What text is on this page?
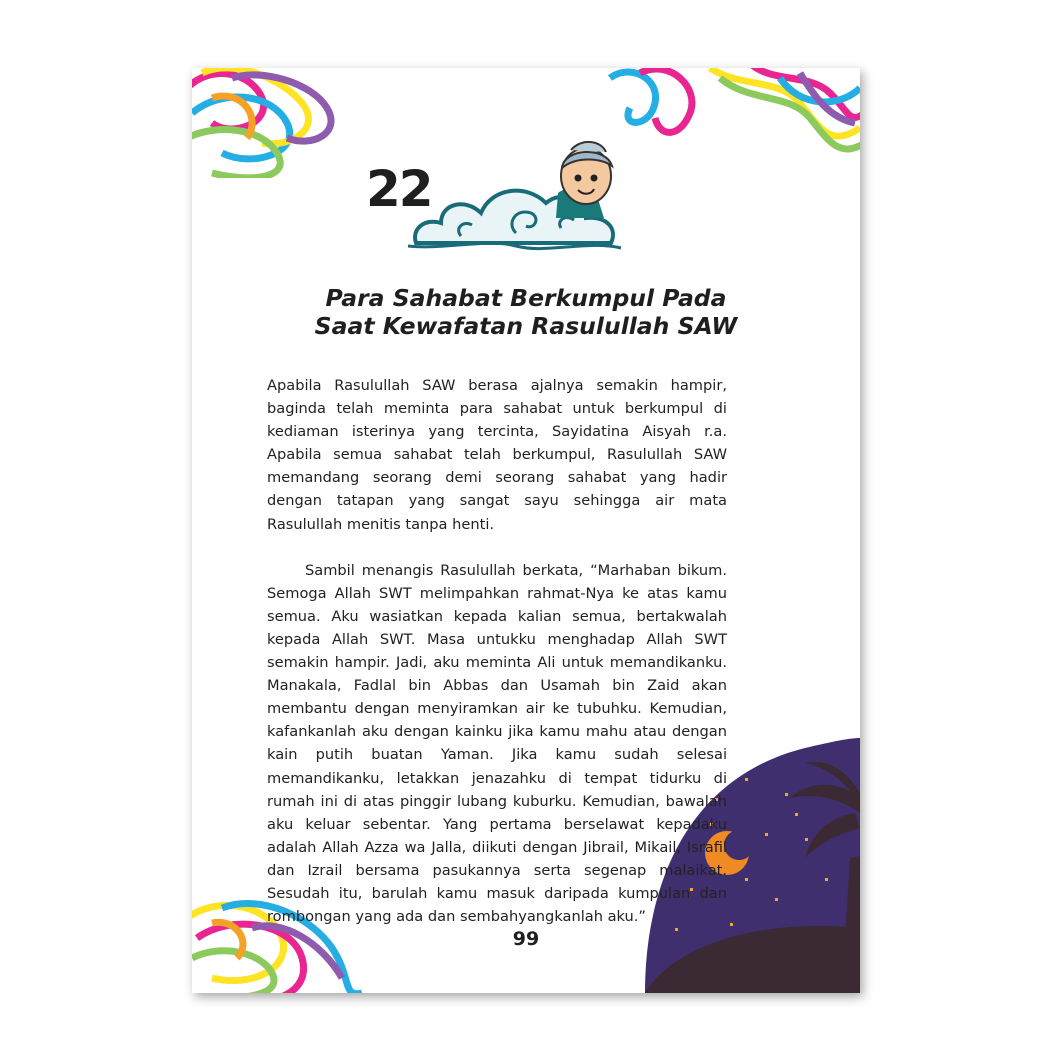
22
Para Sahabat Berkumpul Pada
Saat Kewafatan Rasulullah SAW

Apabila Rasulullah SAW berasa ajalnya semakin hampir, baginda telah meminta para sahabat untuk berkumpul di kediaman isterinya yang tercinta, Sayidatina Aisyah r.a. Apabila semua sahabat telah berkumpul, Rasulullah SAW memandang seorang demi seorang sahabat yang hadir dengan tatapan yang sangat sayu sehingga air mata Rasulullah menitis tanpa henti.

Sambil menangis Rasulullah berkata, “Marhaban bikum. Semoga Allah SWT melimpahkan rahmat-Nya ke atas kamu semua. Aku wasiatkan kepada kalian semua, bertakwalah kepada Allah SWT. Masa untukku menghadap Allah SWT semakin hampir. Jadi, aku meminta Ali untuk memandikanku. Manakala, Fadlal bin Abbas dan Usamah bin Zaid akan membantu dengan menyiramkan air ke tubuhku. Kemudian, kafankanlah aku dengan kainku jika kamu mahu atau dengan kain putih buatan Yaman. Jika kamu sudah selesai memandikanku, letakkan jenazahku di tempat tidurku di rumah ini di atas pinggir lubang kuburku. Kemudian, bawalah aku keluar sebentar. Yang pertama berselawat kepadaku adalah Allah Azza wa Jalla, diikuti dengan Jibrail, Mikail, Israfil dan Izrail bersama pasukannya serta segenap malaikat. Sesudah itu, barulah kamu masuk daripada kumpulan dan rombongan yang ada dan sembahyangkanlah aku.”

99
